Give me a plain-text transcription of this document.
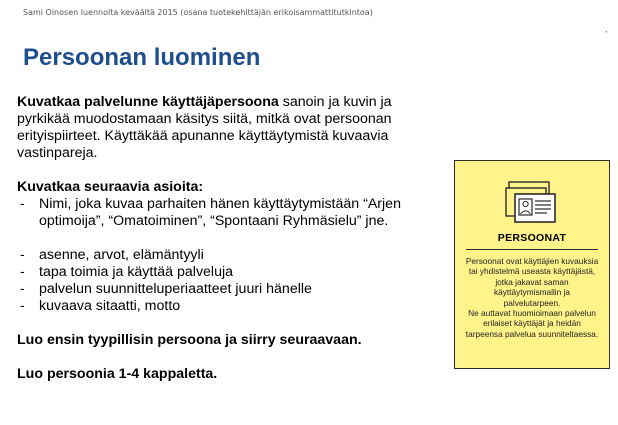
Sami Oinosen luennolta keväältä 2015 (osana tuotekehittäjän erikoisammattitutkintoa)
ˋ
Persoonan luominen

Kuvatkaa palvelunne käyttäjäpersoona sanoin ja kuvin ja pyrkikää muodostamaan käsitys siitä, mitkä ovat persoonan erityispiirteet. Käyttäkää apunanne käyttäytymistä kuvaavia vastinpareja.

Kuvatkaa seuraavia asioita:

- Nimi, joka kuvaa parhaiten hänen käyttäytymistään “Arjen optimoija”, “Omatoiminen”, “Spontaani Ryhmäsielu” jne.
- asenne, arvot, elämäntyyli
- tapa toimia ja käyttää palveluja
- palvelun suunnitteluperiaatteet juuri hänelle
- kuvaava sitaatti, motto

Luo ensin tyypillisin persoona ja siirry seuraavaan.

Luo persoonia 1-4 kappaletta.

PERSOONAT

Persoonat ovat käyttäjien kuvauksia tai yhdistelmä useasta käyttäjästä, jotka jakavat saman käyttäytymismallin ja palvelutarpeen.

Ne auttavat huomioimaan palvelun erilaiset käyttäjät ja heidän tarpeensa palvelua suunniteltaessa.
